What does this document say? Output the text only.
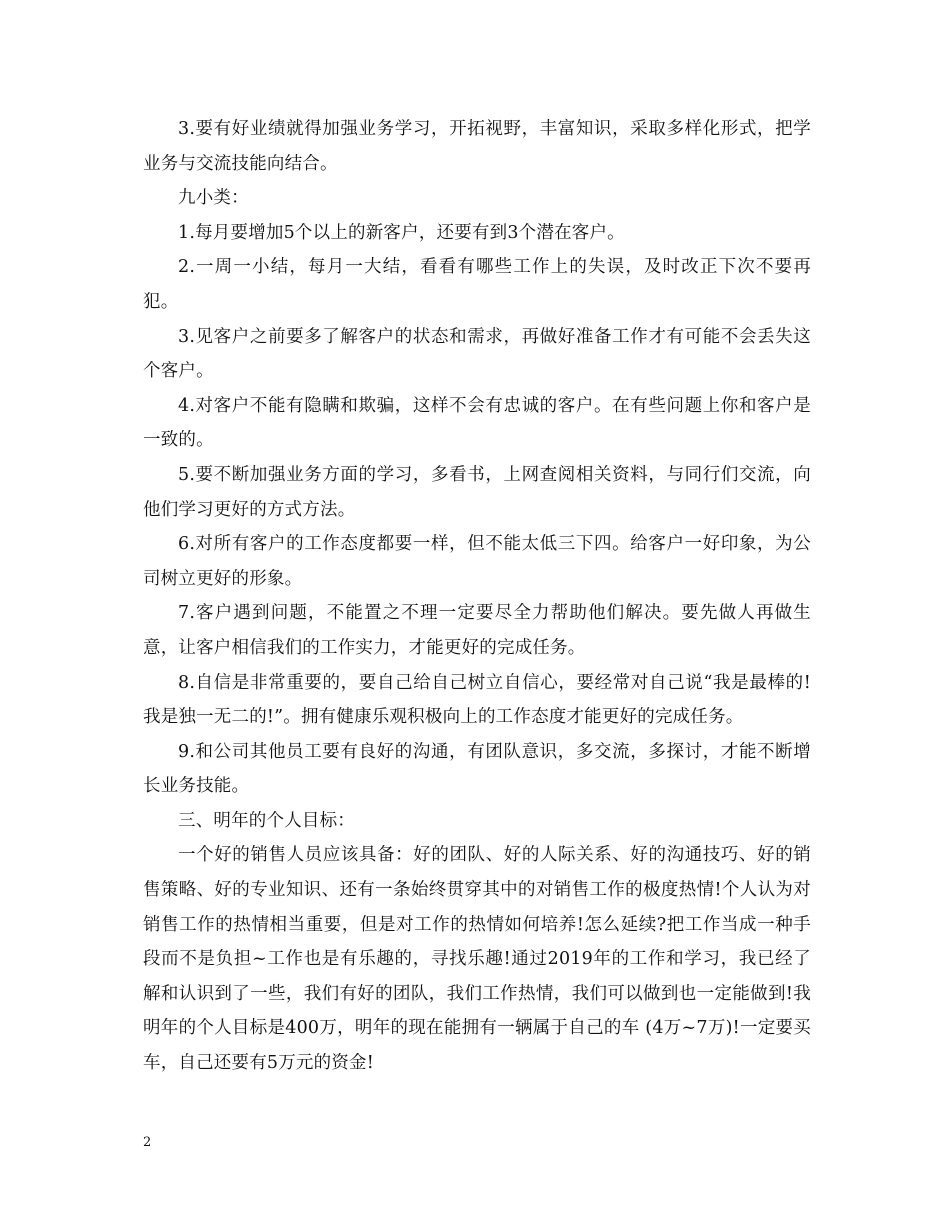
3.要有好业绩就得加强业务学习，开拓视野，丰富知识，采取多样化形式，把学业务与交流技能向结合。

九小类：

1.每月要增加5个以上的新客户，还要有到3个潜在客户。

2.一周一小结，每月一大结，看看有哪些工作上的失误，及时改正下次不要再犯。

3.见客户之前要多了解客户的状态和需求，再做好准备工作才有可能不会丢失这个客户。

4.对客户不能有隐瞒和欺骗，这样不会有忠诚的客户。在有些问题上你和客户是一致的。

5.要不断加强业务方面的学习，多看书，上网查阅相关资料，与同行们交流，向他们学习更好的方式方法。

6.对所有客户的工作态度都要一样，但不能太低三下四。给客户一好印象，为公司树立更好的形象。

7.客户遇到问题，不能置之不理一定要尽全力帮助他们解决。要先做人再做生意，让客户相信我们的工作实力，才能更好的完成任务。

8.自信是非常重要的，要自己给自己树立自信心，要经常对自己说“我是最棒的!我是独一无二的!”。拥有健康乐观积极向上的工作态度才能更好的完成任务。

9.和公司其他员工要有良好的沟通，有团队意识，多交流，多探讨，才能不断增长业务技能。

三、明年的个人目标：

一个好的销售人员应该具备：好的团队、好的人际关系、好的沟通技巧、好的销售策略、好的专业知识、还有一条始终贯穿其中的对销售工作的极度热情!个人认为对销售工作的热情相当重要，但是对工作的热情如何培养!怎么延续?把工作当成一种手段而不是负担~工作也是有乐趣的，寻找乐趣!通过2019年的工作和学习，我已经了解和认识到了一些，我们有好的团队，我们工作热情，我们可以做到也一定能做到!我明年的个人目标是400万，明年的现在能拥有一辆属于自己的车 (4万~7万)!一定要买车，自己还要有5万元的资金!

2
